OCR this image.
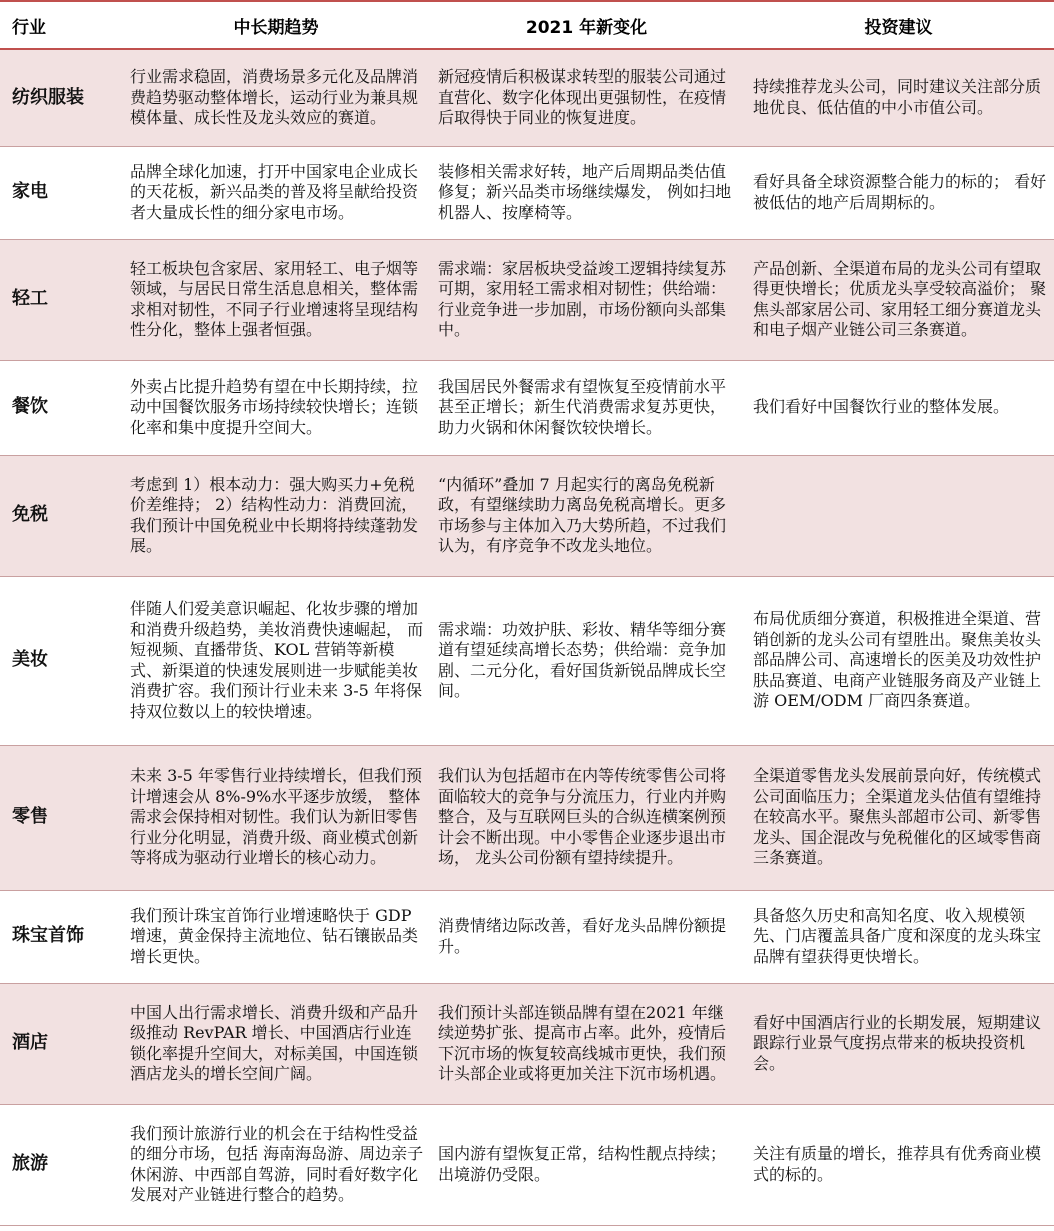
行业	中长期趋势	2021 年新变化	投资建议
纺织服装	行业需求稳固，消费场景多元化及品牌消费趋势驱动整体增长，运动行业为兼具规模体量、成长性及龙头效应的赛道。	新冠疫情后积极谋求转型的服装公司通过直营化、数字化体现出更强韧性，在疫情后取得快于同业的恢复进度。	持续推荐龙头公司，同时建议关注部分质地优良、低估值的中小市值公司。
家电	品牌全球化加速，打开中国家电企业成长的天花板，新兴品类的普及将呈献给投资者大量成长性的细分家电市场。	装修相关需求好转，地产后周期品类估值修复；新兴品类市场继续爆发， 例如扫地机器人、按摩椅等。	看好具备全球资源整合能力的标的； 看好被低估的地产后周期标的。
轻工	轻工板块包含家居、家用轻工、电子烟等领域，与居民日常生活息息相关，整体需求相对韧性，不同子行业增速将呈现结构性分化，整体上强者恒强。	需求端：家居板块受益竣工逻辑持续复苏可期，家用轻工需求相对韧性；供给端：行业竞争进一步加剧，市场份额向头部集中。	产品创新、全渠道布局的龙头公司有望取得更快增长；优质龙头享受较高溢价； 聚焦头部家居公司、家用轻工细分赛道龙头和电子烟产业链公司三条赛道。
餐饮	外卖占比提升趋势有望在中长期持续，拉动中国餐饮服务市场持续较快增长；连锁化率和集中度提升空间大。	我国居民外餐需求有望恢复至疫情前水平甚至正增长；新生代消费需求复苏更快，助力火锅和休闲餐饮较快增长。	我们看好中国餐饮行业的整体发展。
免税	考虑到 1）根本动力：强大购买力+免税价差维持； 2）结构性动力：消费回流，我们预计中国免税业中长期将持续蓬勃发展。	“内循环”叠加 7 月起实行的离岛免税新政，有望继续助力离岛免税高增长。更多市场参与主体加入乃大势所趋，不过我们认为，有序竞争不改龙头地位。	
美妆	伴随人们爱美意识崛起、化妆步骤的增加和消费升级趋势，美妆消费快速崛起， 而短视频、直播带货、KOL 营销等新模式、新渠道的快速发展则进一步赋能美妆消费扩容。我们预计行业未来 3-5 年将保持双位数以上的较快增速。	需求端：功效护肤、彩妆、精华等细分赛道有望延续高增长态势；供给端：竞争加剧、二元分化，看好国货新锐品牌成长空间。	布局优质细分赛道，积极推进全渠道、营销创新的龙头公司有望胜出。聚焦美妆头部品牌公司、高速增长的医美及功效性护肤品赛道、电商产业链服务商及产业链上游 OEM/ODM 厂商四条赛道。
零售	未来 3-5 年零售行业持续增长，但我们预计增速会从 8%-9%水平逐步放缓， 整体需求会保持相对韧性。我们认为新旧零售行业分化明显，消费升级、商业模式创新等将成为驱动行业增长的核心动力。	我们认为包括超市在内等传统零售公司将面临较大的竞争与分流压力，行业内并购整合，及与互联网巨头的合纵连横案例预计会不断出现。中小零售企业逐步退出市场， 龙头公司份额有望持续提升。	全渠道零售龙头发展前景向好，传统模式公司面临压力；全渠道龙头估值有望维持在较高水平。聚焦头部超市公司、新零售龙头、国企混改与免税催化的区域零售商三条赛道。
珠宝首饰	我们预计珠宝首饰行业增速略快于 GDP 增速，黄金保持主流地位、钻石镶嵌品类增长更快。	消费情绪边际改善，看好龙头品牌份额提升。	具备悠久历史和高知名度、收入规模领先、门店覆盖具备广度和深度的龙头珠宝品牌有望获得更快增长。
酒店	中国人出行需求增长、消费升级和产品升级推动 RevPAR 增长、中国酒店行业连锁化率提升空间大，对标美国，中国连锁酒店龙头的增长空间广阔。	我们预计头部连锁品牌有望在2021 年继续逆势扩张、提高市占率。此外，疫情后下沉市场的恢复较高线城市更快，我们预计头部企业或将更加关注下沉市场机遇。	看好中国酒店行业的长期发展，短期建议跟踪行业景气度拐点带来的板块投资机会。
旅游	我们预计旅游行业的机会在于结构性受益的细分市场，包括 海南海岛游、周边亲子休闲游、中西部自驾游，同时看好数字化发展对产业链进行整合的趋势。	国内游有望恢复正常，结构性靓点持续； 出境游仍受限。	关注有质量的增长，推荐具有优秀商业模式的标的。
